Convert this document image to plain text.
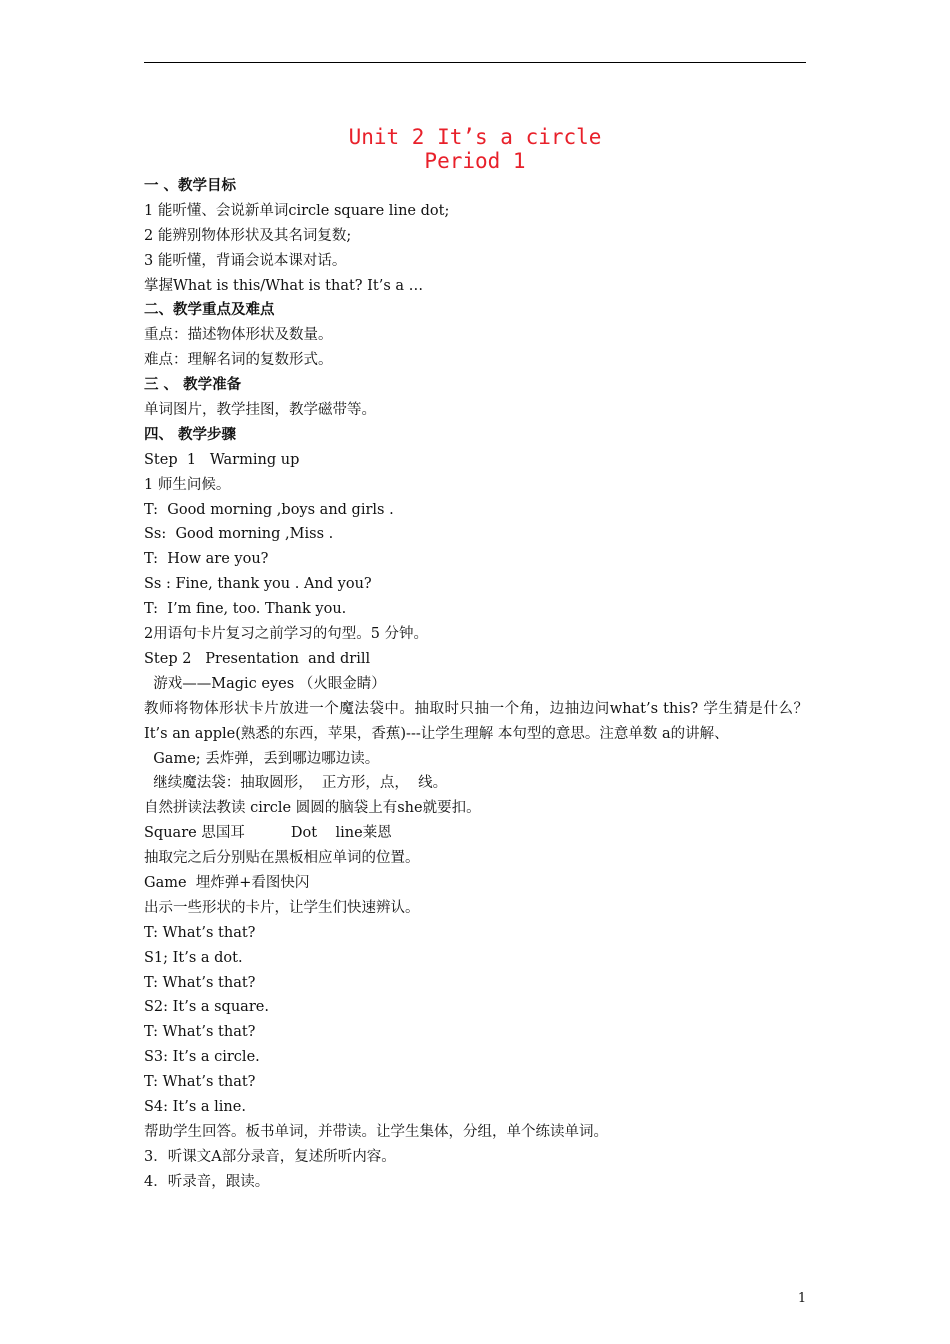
Unit 2 It’s a circle
Period 1
一 、教学目标
1 能听懂、会说新单词circle square line dot;
2 能辨别物体形状及其名词复数;
3 能听懂，背诵会说本课对话。
掌握What is this/What is that? It’s a …
二、教学重点及难点
重点：描述物体形状及数量。
难点：理解名词的复数形式。
三 、 教学准备
单词图片，教学挂图，教学磁带等。
四、 教学步骤
Step  1   Warming up
1 师生问候。
T:  Good morning ,boys and girls .
Ss:  Good morning ,Miss .
T:  How are you?
Ss : Fine, thank you . And you?
T:  I’m fine, too. Thank you.
2用语句卡片复习之前学习的句型。5 分钟。
Step 2   Presentation  and drill
游戏——Magic eyes （火眼金睛）
教师将物体形状卡片放进一个魔法袋中。抽取时只抽一个角，边抽边问what’s this? 学生猜是什么？It’s an apple(熟悉的东西，苹果，香蕉)---让学生理解 本句型的意思。注意单数 a的讲解、
Game; 丢炸弹，丢到哪边哪边读。
继续魔法袋：抽取圆形，  正方形，点，  线。
自然拼读法教读 circle 圆圆的脑袋上有she就要扣。
Square 思国耳          Dot    line莱恩
抽取完之后分别贴在黑板相应单词的位置。
Game  埋炸弹+看图快闪
出示一些形状的卡片，让学生们快速辨认。
T: What’s that?
S1; It’s a dot.
T: What’s that?
S2: It’s a square.
T: What’s that?
S3: It’s a circle.
T: What’s that?
S4: It’s a line.
帮助学生回答。板书单词，并带读。让学生集体，分组，单个练读单词。
3．听课文A部分录音，复述所听内容。
4．听录音，跟读。
1
